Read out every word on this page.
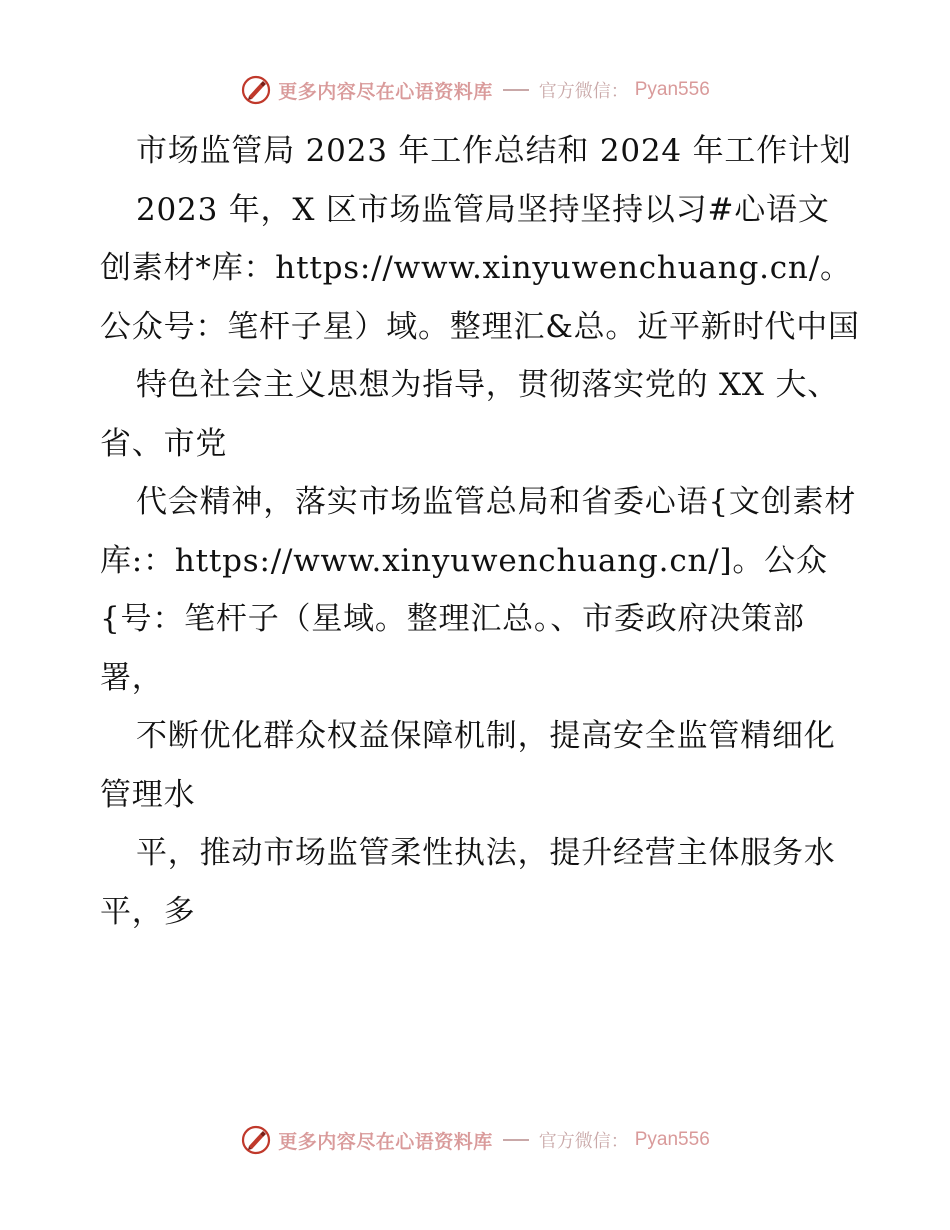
更多内容尽在心语资料库	官方微信： Pyan556

市场监管局 2023 年工作总结和 2024 年工作计划

2023 年，X 区市场监管局坚持坚持以习#心语文创素材*库：https://www.xinyuwenchuang.cn/。公众号：笔杆子星）域。整理汇&总。近平新时代中国

特色社会主义思想为指导，贯彻落实党的 XX 大、省、市党

代会精神，落实市场监管总局和省委心语{文创素材库:：https://www.xinyuwenchuang.cn/]。公众{号：笔杆子（星域。整理汇总。、市委政府决策部署，

不断优化群众权益保障机制，提高安全监管精细化管理水

平，推动市场监管柔性执法，提升经营主体服务水平，多

更多内容尽在心语资料库	官方微信： Pyan556
